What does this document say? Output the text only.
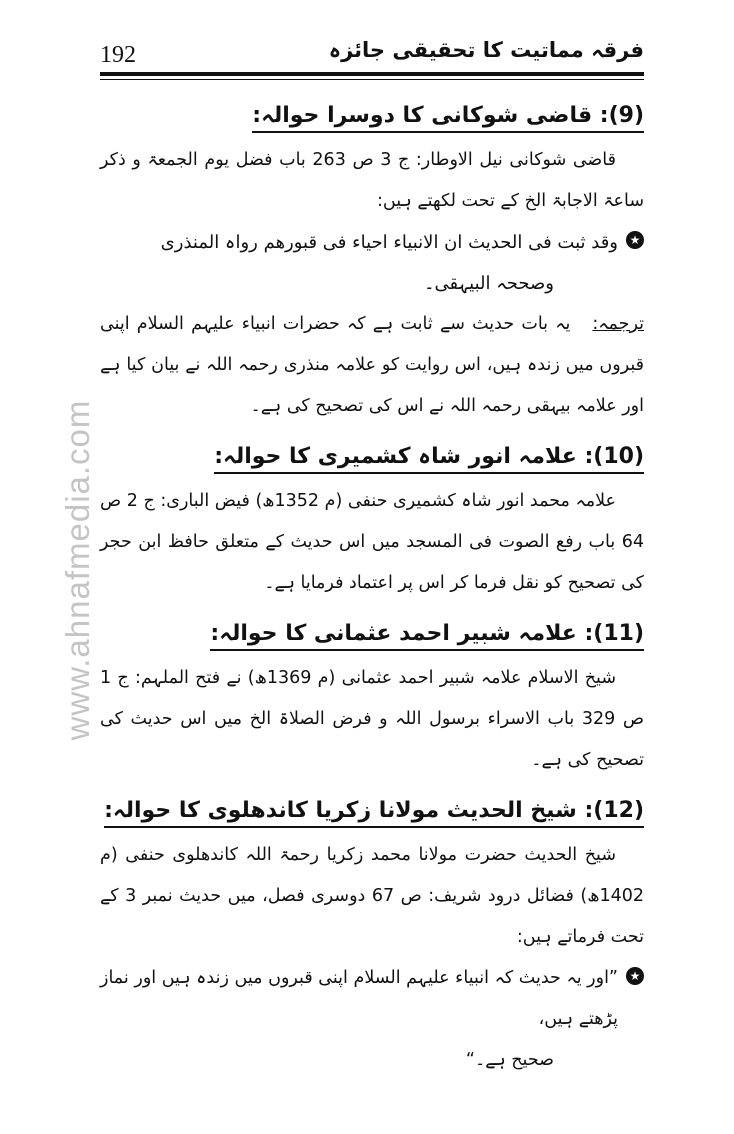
www.ahnafmedia.com
192	فرقہ مماتیت کا تحقیقی جائزہ
(9): قاضی شوکانی کا دوسرا حوالہ:

قاضی شوکانی نیل الاوطار: ج 3 ص 263 باب فضل یوم الجمعۃ و ذکر ساعۃ الاجابۃ الخ کے تحت لکھتے ہیں:

★

وقد ثبت فی الحدیث ان الانبیاء احیاء فی قبورھم رواہ المنذری

وصححہ البیہقی۔

ترجمہ:یہ بات حدیث سے ثابت ہے کہ حضرات انبیاء علیہم السلام اپنی قبروں میں زندہ ہیں، اس روایت کو علامہ منذری رحمہ اللہ نے بیان کیا ہے اور علامہ بیہقی رحمہ اللہ نے اس کی تصحیح کی ہے۔

(10): علامہ انور شاہ کشمیری کا حوالہ:

علامہ محمد انور شاہ کشمیری حنفی (م 1352ھ) فیض الباری: ج 2 ص 64 باب رفع الصوت فی المسجد میں اس حدیث کے متعلق حافظ ابن حجر کی تصحیح کو نقل فرما کر اس پر اعتماد فرمایا ہے۔

(11): علامہ شبیر احمد عثمانی کا حوالہ:

شیخ الاسلام علامہ شبیر احمد عثمانی (م 1369ھ) نے فتح الملہم: ج 1 ص 329 باب الاسراء برسول اللہ و فرض الصلاۃ الخ میں اس حدیث کی تصحیح کی ہے۔

(12): شیخ الحدیث مولانا زکریا کاندھلوی کا حوالہ:

شیخ الحدیث حضرت مولانا محمد زکریا رحمۃ اللہ کاندھلوی حنفی (م 1402ھ) فضائل درود شریف: ص 67 دوسری فصل، میں حدیث نمبر 3 کے تحت فرماتے ہیں:

★

”اور یہ حدیث کہ انبیاء علیہم السلام اپنی قبروں میں زندہ ہیں اور نماز پڑھتے ہیں،

صحیح ہے۔“
